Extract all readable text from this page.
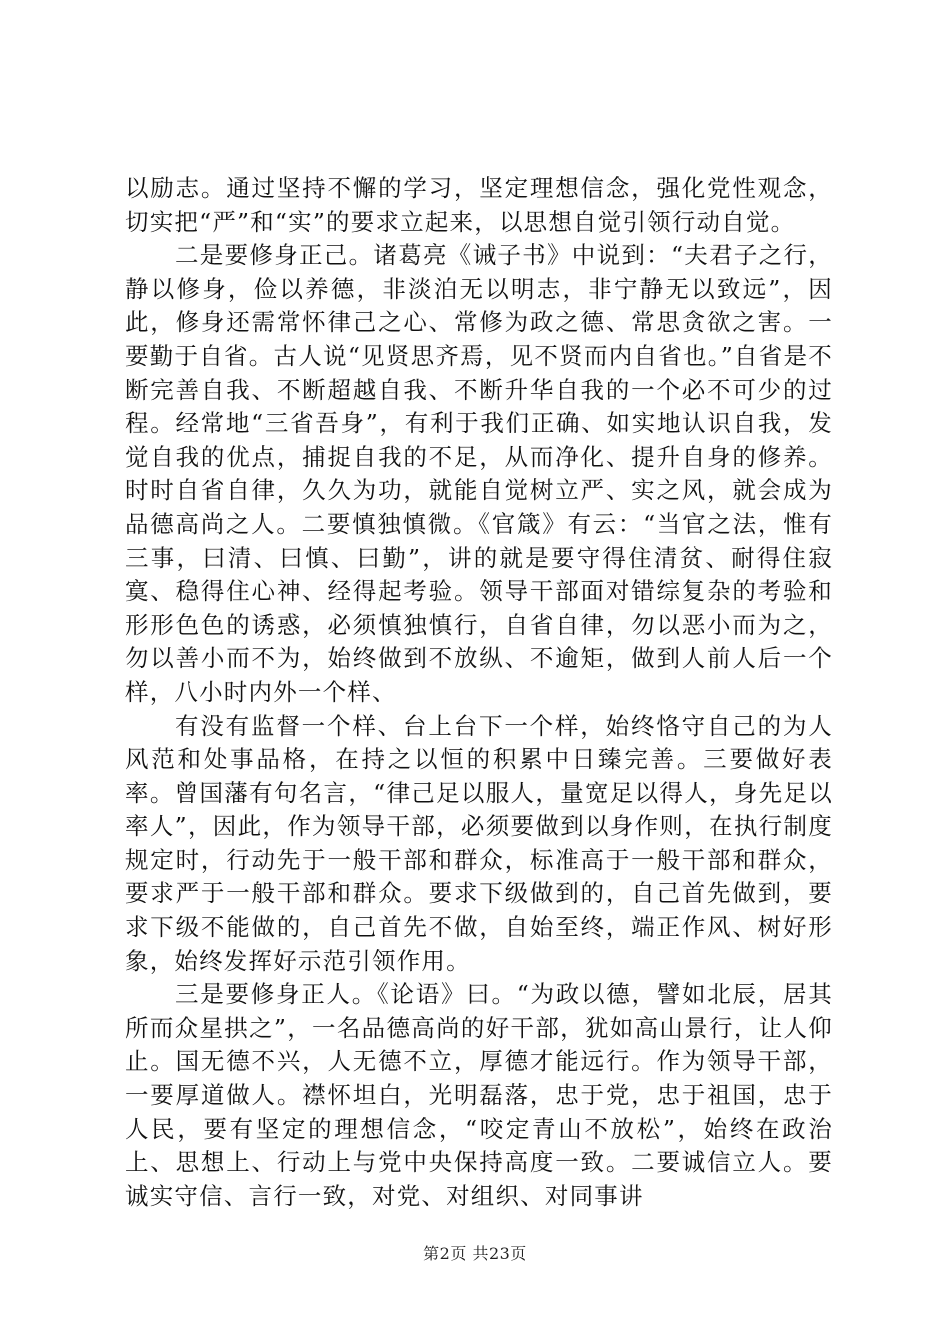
以励志。通过坚持不懈的学习，坚定理想信念，强化党性观念，切实把“严”和“实”的要求立起来，以思想自觉引领行动自觉。

二是要修身正己。诸葛亮《诫子书》中说到：“夫君子之行，静以修身，俭以养德，非淡泊无以明志，非宁静无以致远”，因此，修身还需常怀律己之心、常修为政之德、常思贪欲之害。一要勤于自省。古人说“见贤思齐焉，见不贤而内自省也。”自省是不断完善自我、不断超越自我、不断升华自我的一个必不可少的过程。经常地“三省吾身”，有利于我们正确、如实地认识自我，发觉自我的优点，捕捉自我的不足，从而净化、提升自身的修养。时时自省自律，久久为功，就能自觉树立严、实之风，就会成为品德高尚之人。二要慎独慎微。《官箴》有云：“当官之法，惟有三事，曰清、曰慎、曰勤”，讲的就是要守得住清贫、耐得住寂寞、稳得住心神、经得起考验。领导干部面对错综复杂的考验和形形色色的诱惑，必须慎独慎行，自省自律，勿以恶小而为之，勿以善小而不为，始终做到不放纵、不逾矩，做到人前人后一个样，八小时内外一个样、

有没有监督一个样、台上台下一个样，始终恪守自己的为人风范和处事品格，在持之以恒的积累中日臻完善。三要做好表率。曾国藩有句名言，“律己足以服人，量宽足以得人，身先足以率人”，因此，作为领导干部，必须要做到以身作则，在执行制度规定时，行动先于一般干部和群众，标准高于一般干部和群众，要求严于一般干部和群众。要求下级做到的，自己首先做到，要求下级不能做的，自己首先不做，自始至终，端正作风、树好形象，始终发挥好示范引领作用。

三是要修身正人。《论语》曰。“为政以德，譬如北辰，居其所而众星拱之”，一名品德高尚的好干部，犹如高山景行，让人仰止。国无德不兴，人无德不立，厚德才能远行。作为领导干部，一要厚道做人。襟怀坦白，光明磊落，忠于党，忠于祖国，忠于人民，要有坚定的理想信念，“咬定青山不放松”，始终在政治上、思想上、行动上与党中央保持高度一致。二要诚信立人。要诚实守信、言行一致，对党、对组织、对同事讲

第2页 共23页
